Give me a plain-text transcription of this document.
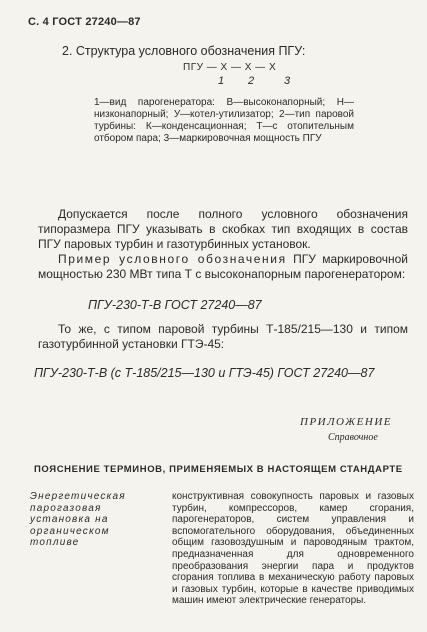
С. 4 ГОСТ 27240—87

2. Структура условного обозначения ПГУ:

ПГУ — Х — Х — Х

1 2	3

1—вид парогенератора: В—высоконапорный; Н—низконапорный; У—котел-утилизатор; 2—тип паровой турбины: К—конденсационная; Т—с отопительным отбором пара; 3—маркировочная мощность ПГУ

Допускается после полного условного обозначения типоразмера ПГУ указывать в скобках тип входящих в состав ПГУ паровых турбин и газотурбинных установок.

Пример условного обозначения ПГУ маркировочной мощностью 230 МВт типа Т с высоконапорным парогенератором:

ПГУ-230-Т-В ГОСТ 27240—87

То же, с типом паровой турбины Т-185/215—130 и типом газотурбинной установки ГТЭ-45:

ПГУ-230-Т-В (с Т-185/215—130 и ГТЭ-45) ГОСТ 27240—87

ПРИЛОЖЕНИЕ

Справочное

ПОЯСНЕНИЕ ТЕРМИНОВ, ПРИМЕНЯЕМЫХ В НАСТОЯЩЕМ СТАНДАРТЕ

Энергетическая парогазовая установка на органическом топливе

конструктивная совокупность паровых и газовых турбин, компрессоров, камер сгорания, парогенераторов, систем управления и вспомогательного оборудования, объединенных общим газовоздушным и пароводяным трактом, предназначенная для одновременного преобразования энергии пара и продуктов сгорания топлива в механическую работу паровых и газовых турбин, которые в качестве приводимых машин имеют электрические генераторы.
